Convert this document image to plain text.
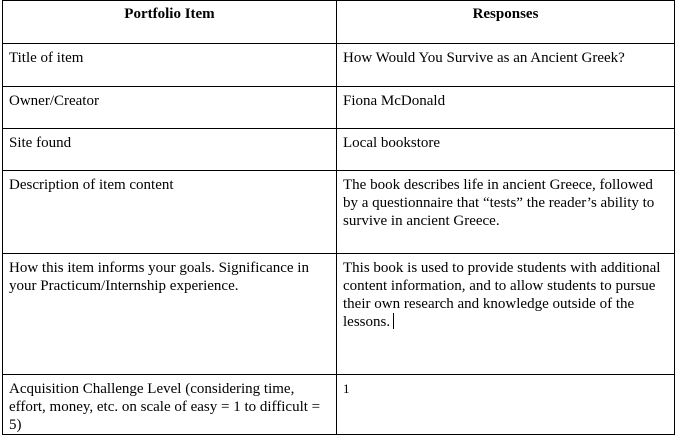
Portfolio Item	Responses
Title of item	How Would You Survive as an Ancient Greek?
Owner/Creator	Fiona McDonald
Site found	Local bookstore
Description of item content	The book describes life in ancient Greece, followed by a questionnaire that “tests” the reader’s ability to survive in ancient Greece.
How this item informs your goals. Significance in your Practicum/Internship experience.	This book is used to provide students with additional content information, and to allow students to pursue their own research and knowledge outside of the lessons.
Acquisition Challenge Level (considering time, effort, money, etc. on scale of easy = 1 to difficult = 5)	1
